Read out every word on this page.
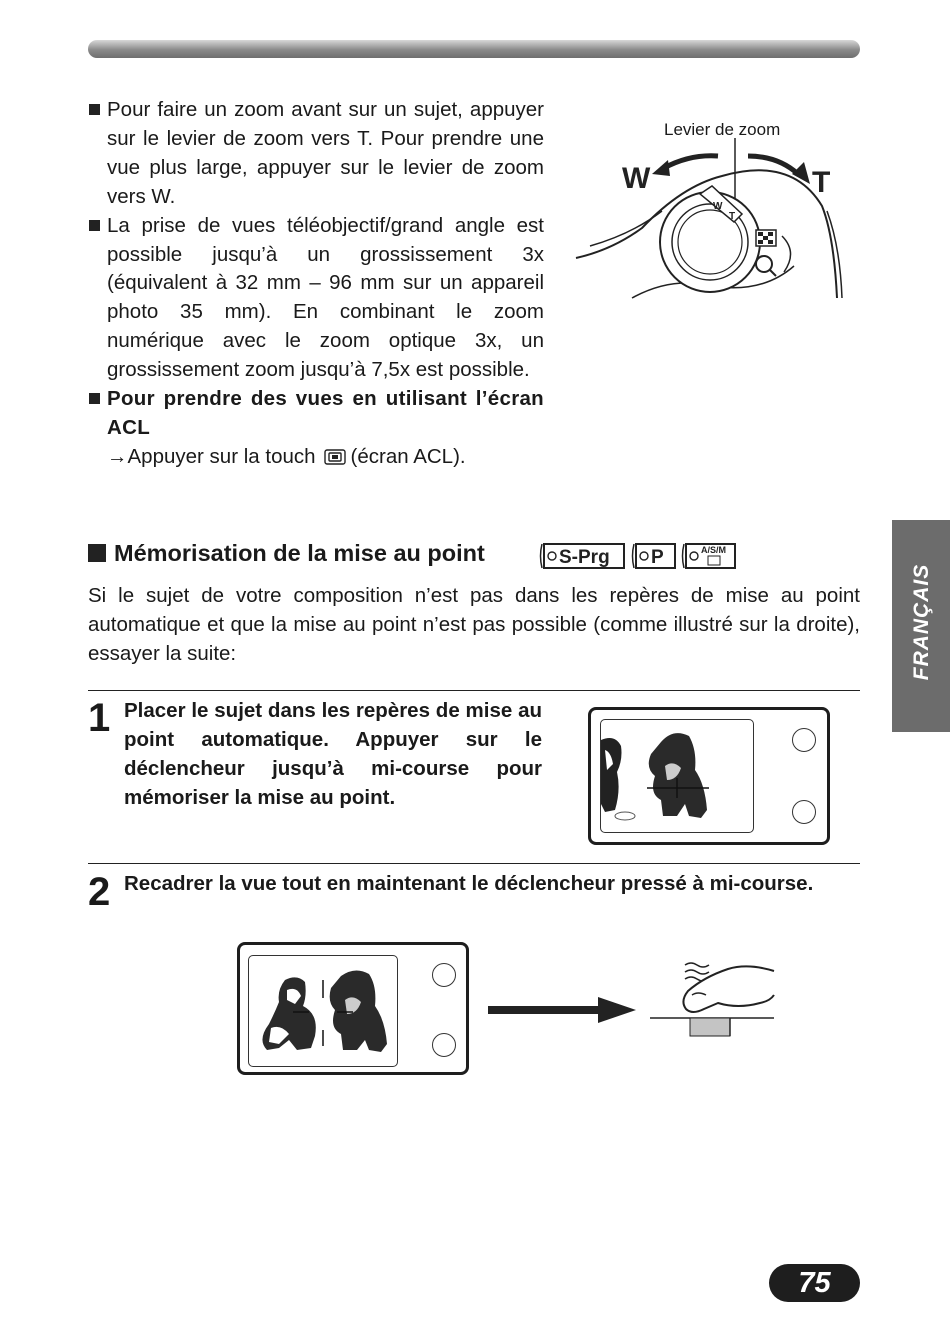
Pour faire un zoom avant sur un sujet, appuyer sur le levier de zoom vers T. Pour prendre une vue plus large, appuyer sur le levier de zoom vers W.
La prise de vues téléobjectif/grand angle est possible jusqu’à un grossissement 3x (équivalent à 32 mm – 96 mm sur un appareil photo 35 mm). En combinant le zoom numérique avec le zoom optique 3x, un grossissement zoom jusqu’à 7,5x est possible.
Pour prendre des vues en utilisant l’écran ACL
→Appuyer sur la touch (écran ACL).
Levier de zoom
W
T
W	T
Mémorisation de la mise au point	S-Prg P	A/S/M
Si le sujet de votre composition n’est pas dans les repères de mise au point automatique et que la mise au point n’est pas possible (comme illustré sur la droite), essayer la suite:
1 Placer le sujet dans les repères de mise au point automatique. Appuyer sur le déclencheur jusqu’à mi-course pour mémoriser la mise au point.
2 Recadrer la vue tout en maintenant le déclencheur pressé à mi-course.
FRANÇAIS
75
